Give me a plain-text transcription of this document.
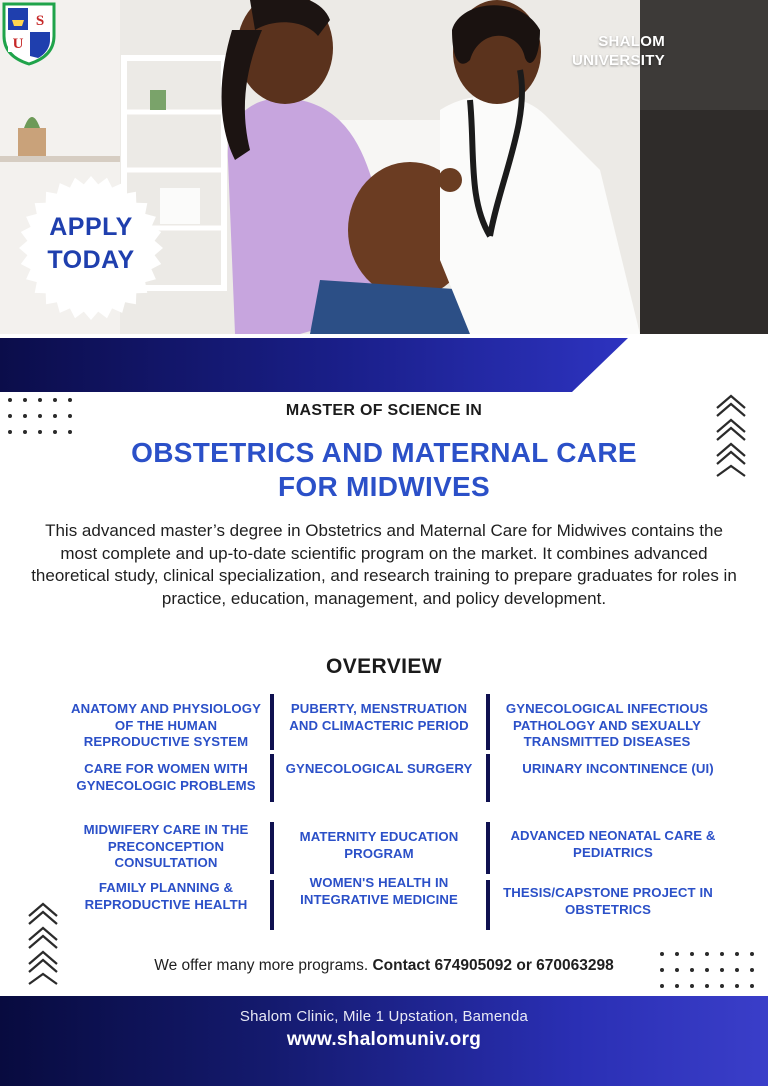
SHALOM
UNIVERSITY
S
U
APPLY
TODAY
MASTER OF SCIENCE IN
OBSTETRICS AND MATERNAL CARE
FOR MIDWIVES
This advanced master’s degree in Obstetrics and Maternal Care for Midwives contains the most complete and up-to-date scientific program on the market. It combines advanced theoretical study, clinical specialization, and research training to prepare graduates for roles in practice, education, management, and policy development.
OVERVIEW
ANATOMY AND PHYSIOLOGY OF THE HUMAN REPRODUCTIVE SYSTEM
PUBERTY, MENSTRUATION AND CLIMACTERIC PERIOD
GYNECOLOGICAL INFECTIOUS PATHOLOGY AND SEXUALLY TRANSMITTED DISEASES
CARE FOR WOMEN WITH GYNECOLOGIC PROBLEMS
GYNECOLOGICAL SURGERY	URINARY INCONTINENCE (UI)
MIDWIFERY CARE IN THE PRECONCEPTION CONSULTATION
MATERNITY EDUCATION PROGRAM
ADVANCED NEONATAL CARE & PEDIATRICS
FAMILY PLANNING & REPRODUCTIVE HEALTH
WOMEN'S HEALTH IN INTEGRATIVE MEDICINE	THESIS/CAPSTONE PROJECT IN OBSTETRICS
We offer many more programs. Contact 674905092 or 670063298
Shalom Clinic, Mile 1 Upstation, Bamenda
www.shalomuniv.org
